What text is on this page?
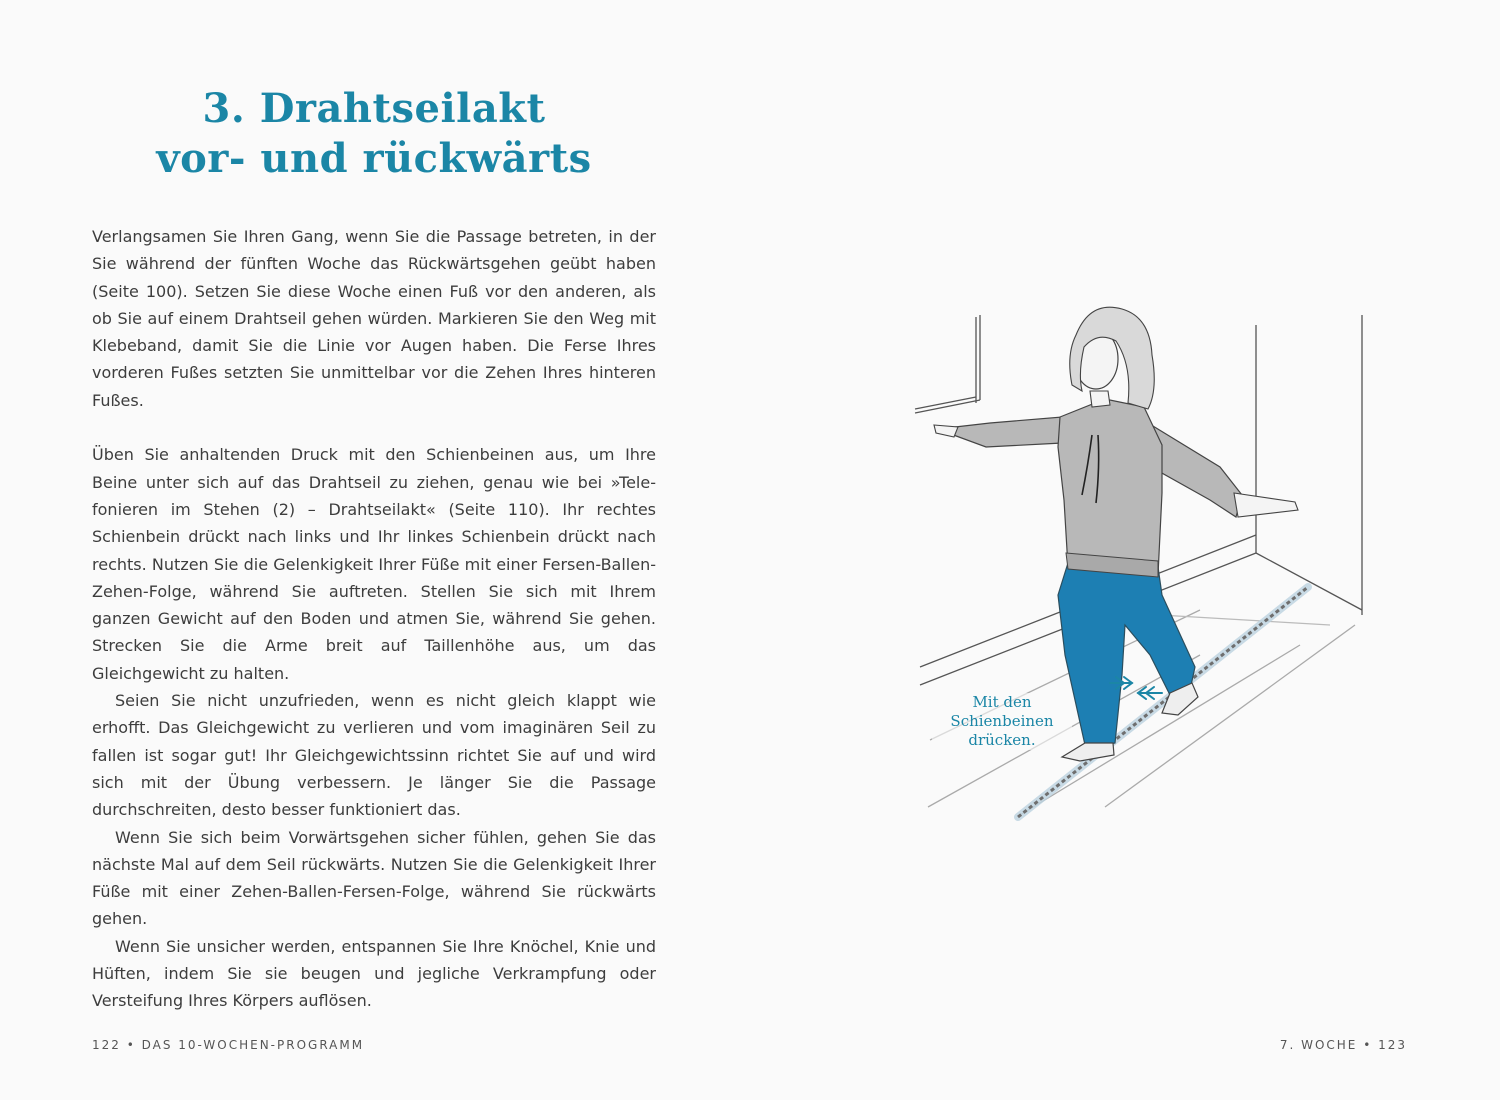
3. Drahtseilakt
vor- und rückwärts

Verlangsamen Sie Ihren Gang, wenn Sie die Passage betreten, in der Sie während der fünften Woche das Rückwärtsgehen geübt haben (Seite 100). Setzen Sie diese Woche einen Fuß vor den anderen, als ob Sie auf einem Drahtseil gehen würden. Markieren Sie den Weg mit Klebeband, damit Sie die Linie vor Augen haben. Die Ferse Ihres vorderen Fußes setzten Sie unmittelbar vor die Zehen Ihres hinteren Fußes.

Üben Sie anhaltenden Druck mit den Schienbeinen aus, um Ihre Beine unter sich auf das Drahtseil zu ziehen, genau wie bei »Telefonieren im Stehen (2) – Drahtseilakt« (Seite 110). Ihr rechtes Schienbein drückt nach links und Ihr linkes Schienbein drückt nach rechts. Nutzen Sie die Gelenkigkeit Ihrer Füße mit einer Fersen-Ballen-Zehen-Folge, während Sie auftreten. Stellen Sie sich mit Ihrem ganzen Gewicht auf den Boden und atmen Sie, während Sie gehen. Strecken Sie die Arme breit auf Taillenhöhe aus, um das Gleichgewicht zu halten.

Seien Sie nicht unzufrieden, wenn es nicht gleich klappt wie erhofft. Das Gleichgewicht zu verlieren und vom imaginären Seil zu fallen ist sogar gut! Ihr Gleichgewichtssinn richtet Sie auf und wird sich mit der Übung verbessern. Je länger Sie die Passage durchschreiten, desto besser funktioniert das.

Wenn Sie sich beim Vorwärtsgehen sicher fühlen, gehen Sie das nächste Mal auf dem Seil rückwärts. Nutzen Sie die Gelenkigkeit Ihrer Füße mit einer Zehen-Ballen-Fersen-Folge, während Sie rückwärts gehen.

Wenn Sie unsicher werden, entspannen Sie Ihre Knöchel, Knie und Hüften, indem Sie sie beugen und jegliche Verkrampfung oder Versteifung Ihres Körpers auflösen.

Mit den
Schienbeinen
drücken.
122 • DAS 10-WOCHEN-PROGRAMM	7. WOCHE • 123
